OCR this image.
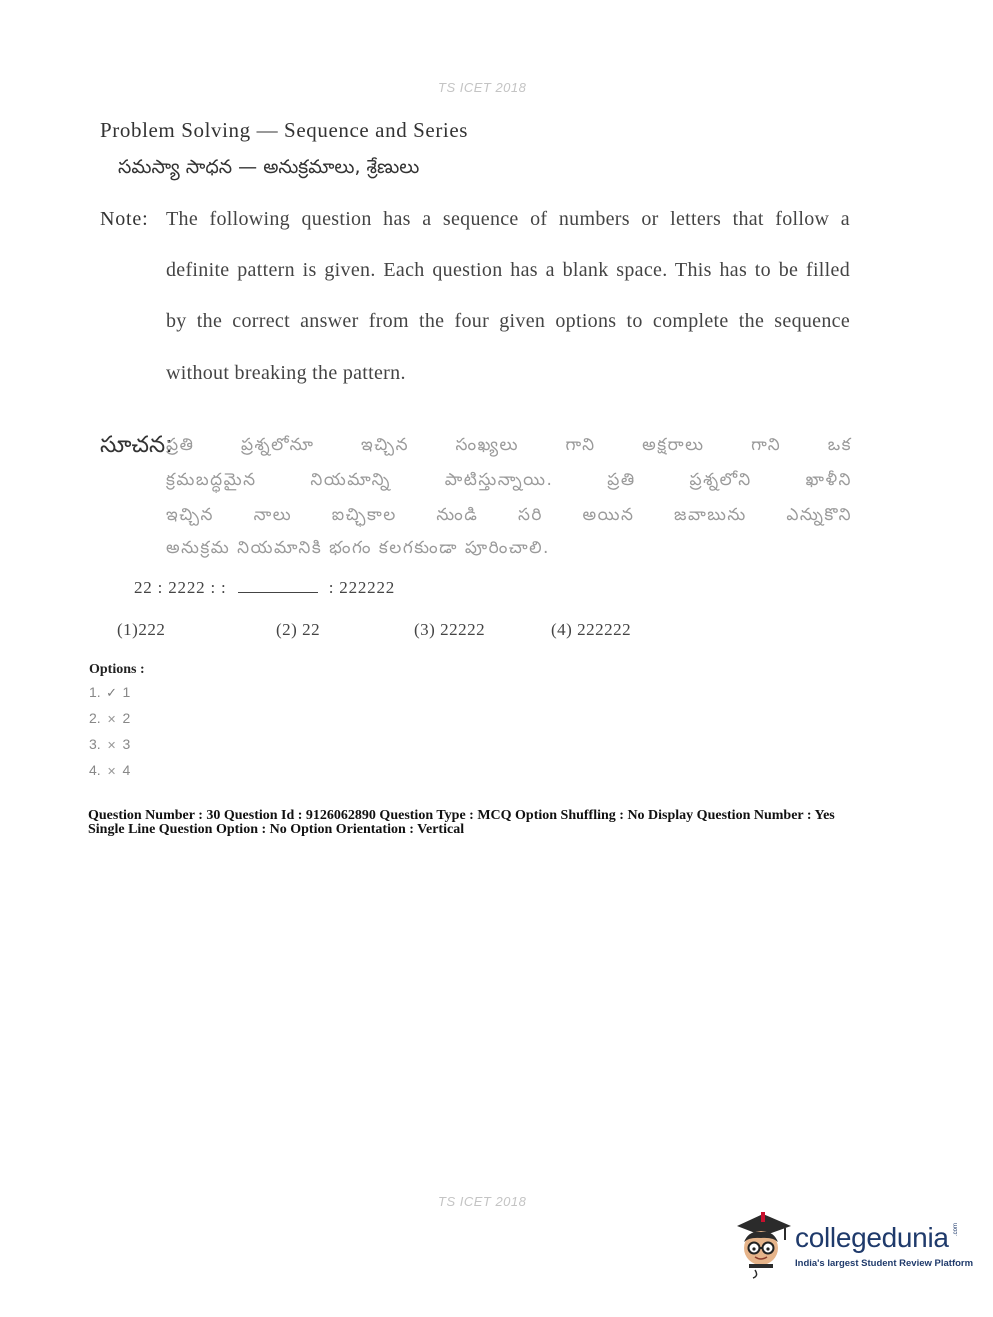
TS ICET 2018
Problem Solving — Sequence and Series
సమస్యా సాధన — అనుక్రమాలు, శ్రేణులు
Note: The following question has a sequence of numbers or letters that follow a
definite pattern is given. Each question has a blank space. This has to be filled
by the correct answer from the four given options to complete the sequence
without breaking the pattern.
సూచన:
ప్రతి ప్రశ్నలోనూ ఇచ్చిన సంఖ్యలు గాని అక్షరాలు గాని ఒక
క్రమబద్ధమైన నియమాన్ని పాటిస్తున్నాయి. ప్రతి ప్రశ్నలోని ఖాళీని
ఇచ్చిన నాలు ఐచ్ఛికాల నుండి సరి అయిన జవాబును ఎన్నుకొని
అనుక్రమ నియమానికి భంగం కలగకుండా పూరించాలి.
22 : 2222 : :	: 222222
(1)222	(2) 22	(3) 22222	(4) 222222
Options :
1. ✓ 1
2. ✕ 2
3. ✕ 3
4. ✕ 4
Question Number : 30 Question Id : 9126062890 Question Type : MCQ Option Shuffling : No Display Question Number : Yes
Single Line Question Option : No Option Orientation : Vertical
TS ICET 2018
collegedunia .com
India's largest Student Review Platform
